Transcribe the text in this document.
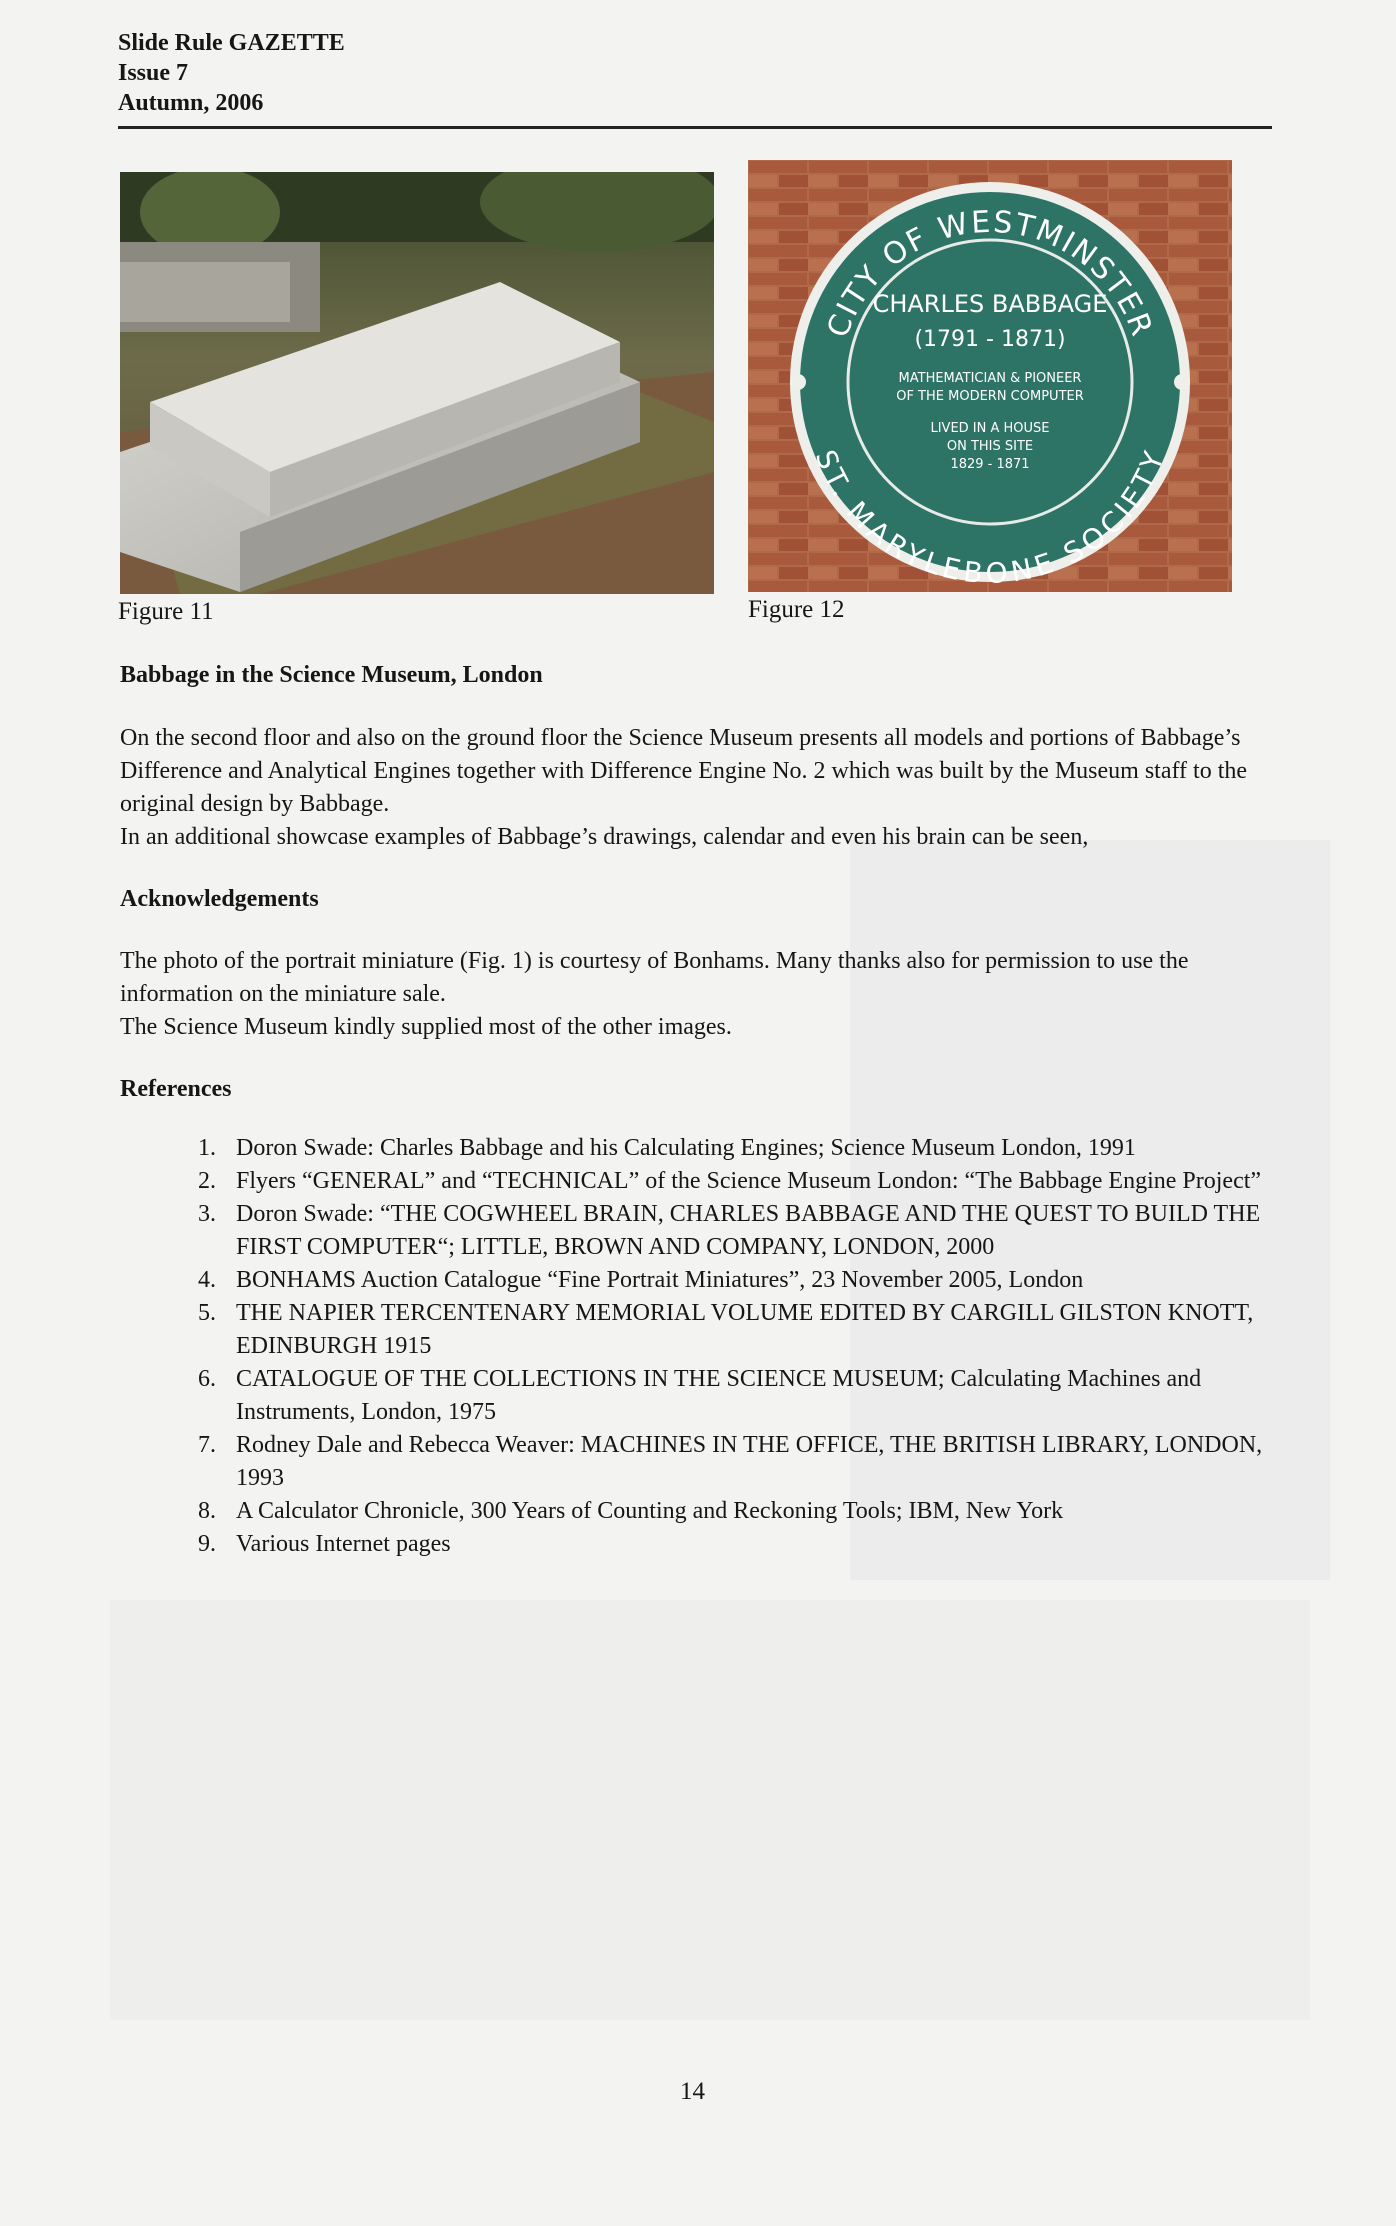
Slide Rule GAZETTE
Issue 7
Autumn, 2006
Figure 11
CITY OF WESTMINSTER
ST. MARYLEBONE SOCIETY
CHARLES BABBAGE
(1791 - 1871)
MATHEMATICIAN & PIONEER
OF THE MODERN COMPUTER
LIVED IN A HOUSE
ON THIS SITE
1829 - 1871
Figure 12
Babbage in the Science Museum, London

On the second floor and also on the ground floor the Science Museum presents all models and portions of Babbage’s Difference and Analytical Engines together with Difference Engine No. 2 which was built by the Museum staff to the original design by Babbage.

In an additional showcase examples of Babbage’s drawings, calendar and even his brain can be seen,

Acknowledgements

The photo of the portrait miniature (Fig. 1) is courtesy of Bonhams. Many thanks also for permission to use the information on the miniature sale.

The Science Museum kindly supplied most of the other images.

References
1. Doron Swade: Charles Babbage and his Calculating Engines; Science Museum London, 1991
2. Flyers “GENERAL” and “TECHNICAL” of the Science Museum London: “The Babbage Engine Project”
3. Doron Swade: “THE COGWHEEL BRAIN, CHARLES BABBAGE AND THE QUEST TO BUILD THE FIRST COMPUTER“; LITTLE, BROWN AND COMPANY, LONDON, 2000
4. BONHAMS Auction Catalogue “Fine Portrait Miniatures”, 23 November 2005, London
5. THE NAPIER TERCENTENARY MEMORIAL VOLUME EDITED BY CARGILL GILSTON KNOTT, EDINBURGH 1915
6. CATALOGUE OF THE COLLECTIONS IN THE SCIENCE MUSEUM; Calculating Machines and Instruments, London, 1975
7. Rodney Dale and Rebecca Weaver: MACHINES IN THE OFFICE, THE BRITISH LIBRARY, LONDON, 1993
8. A Calculator Chronicle, 300 Years of Counting and Reckoning Tools; IBM, New York
9. Various Internet pages
14
